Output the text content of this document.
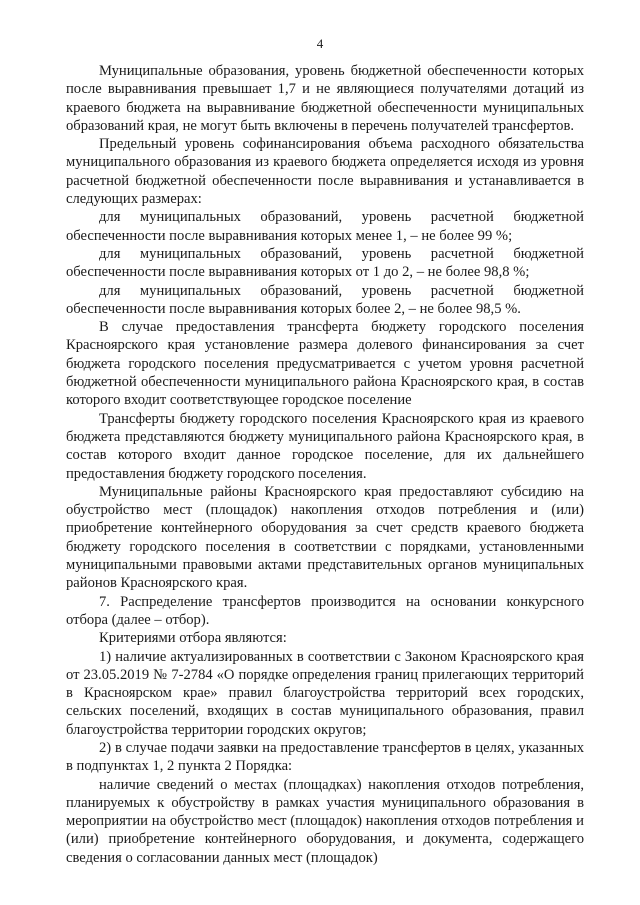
4

Муниципальные образования, уровень бюджетной обеспеченности которых после выравнивания превышает 1,7 и не являющиеся получателями дотаций из краевого бюджета на выравнивание бюджетной обеспеченности муниципальных образований края, не могут быть включены в перечень получателей трансфертов.

Предельный уровень софинансирования объема расходного обязательства муниципального образования из краевого бюджета определяется исходя из уровня расчетной бюджетной обеспеченности после выравнивания и устанавливается в следующих размерах:

для муниципальных образований, уровень расчетной бюджетной обеспеченности после выравнивания которых менее 1, – не более 99 %;

для муниципальных образований, уровень расчетной бюджетной обеспеченности после выравнивания которых от 1 до 2, – не более 98,8 %;

для муниципальных образований, уровень расчетной бюджетной обеспеченности после выравнивания которых более 2, – не более 98,5 %.

В случае предоставления трансферта бюджету городского поселения Красноярского края установление размера долевого финансирования за счет бюджета городского поселения предусматривается с учетом уровня расчетной бюджетной обеспеченности муниципального района Красноярского края, в состав которого входит соответствующее городское поселение

Трансферты бюджету городского поселения Красноярского края из краевого бюджета представляются бюджету муниципального района Красноярского края, в состав которого входит данное городское поселение, для их дальнейшего предоставления бюджету городского поселения.

Муниципальные районы Красноярского края предоставляют субсидию на обустройство мест (площадок) накопления отходов потребления и (или) приобретение контейнерного оборудования за счет средств краевого бюджета бюджету городского поселения в соответствии с порядками, установленными муниципальными правовыми актами представительных органов муниципальных районов Красноярского края.

7. Распределение трансфертов производится на основании конкурсного отбора (далее – отбор).

Критериями отбора являются:

1) наличие актуализированных в соответствии с Законом Красноярского края от 23.05.2019 № 7-2784 «О порядке определения границ прилегающих территорий в Красноярском крае» правил благоустройства территорий всех городских, сельских поселений, входящих в состав муниципального образования, правил благоустройства территории городских округов;

2) в случае подачи заявки на предоставление трансфертов в целях, указанных в подпунктах 1, 2 пункта 2 Порядка:

наличие сведений о местах (площадках) накопления отходов потребления, планируемых к обустройству в рамках участия муниципального образования в мероприятии на обустройство мест (площадок) накопления отходов потребления и (или) приобретение контейнерного оборудования, и документа, содержащего сведения о согласовании данных мест (площадок)
